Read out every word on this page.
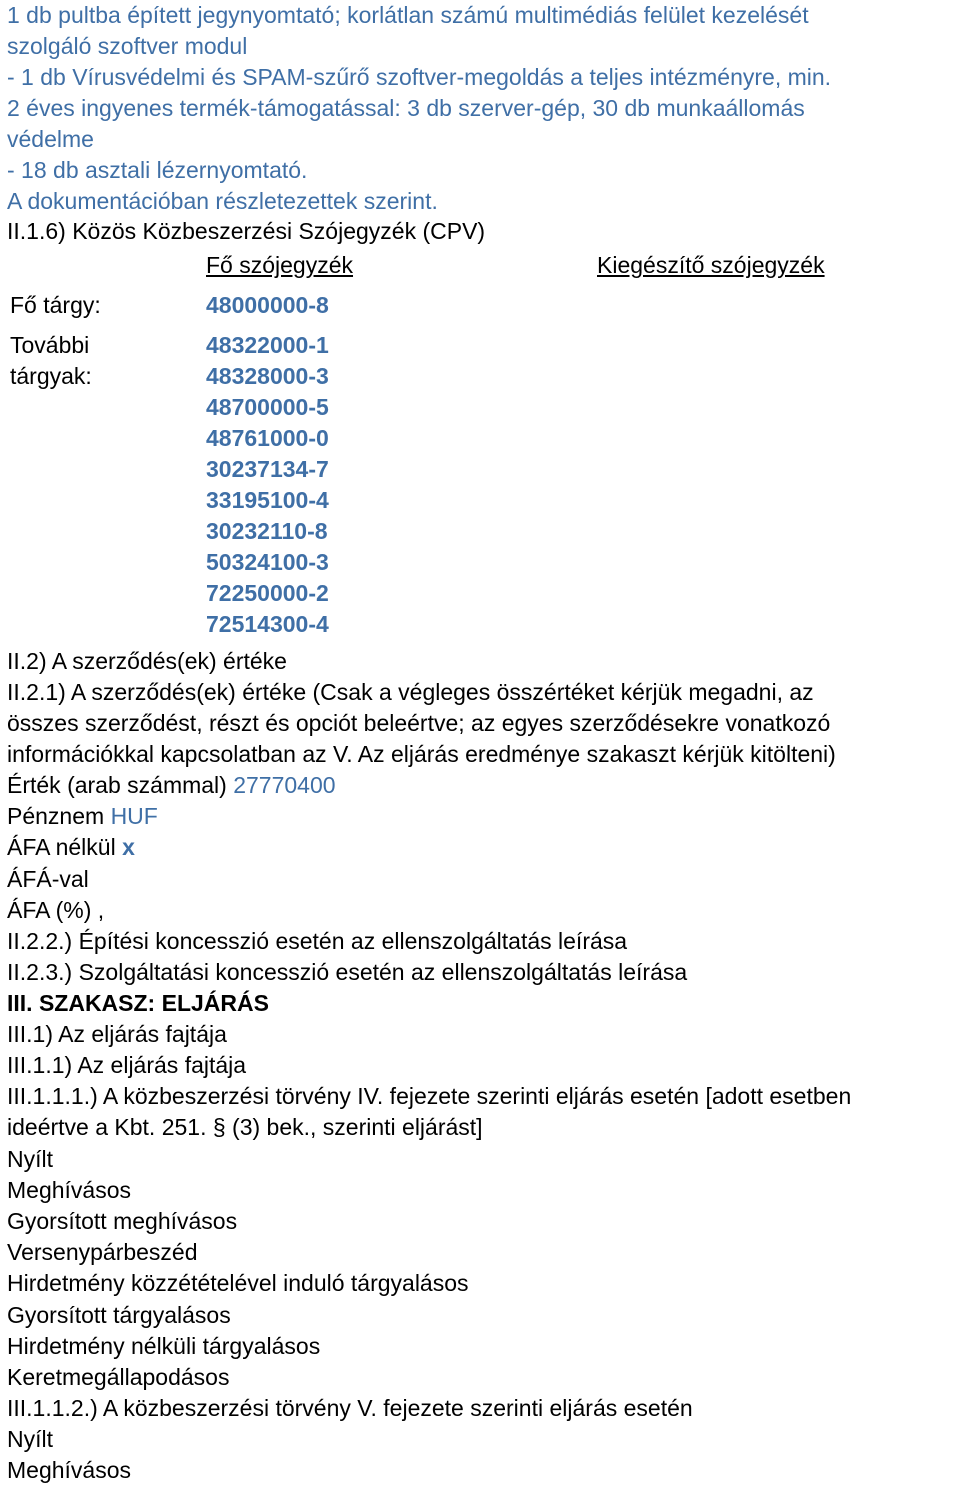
1 db pultba épített jegynyomtató; korlátlan számú multimédiás felület kezelését
szolgáló szoftver modul
- 1 db Vírusvédelmi és SPAM-szűrő szoftver-megoldás a teljes intézményre, min.
2 éves ingyenes termék-támogatással: 3 db szerver-gép, 30 db munkaállomás
védelme
- 18 db asztali lézernyomtató.
A dokumentációban részletezettek szerint.
II.1.6) Közös Közbeszerzési Szójegyzék (CPV)
Fő szójegyzék	Kiegészítő szójegyzék
Fő tárgy:	48000000-8
További
tárgyak:
48322000-1
48328000-3
48700000-5
48761000-0
30237134-7
33195100-4
30232110-8
50324100-3
72250000-2
72514300-4
II.2) A szerződés(ek) értéke
II.2.1) A szerződés(ek) értéke (Csak a végleges összértéket kérjük megadni, az
összes szerződést, részt és opciót beleértve; az egyes szerződésekre vonatkozó
információkkal kapcsolatban az V. Az eljárás eredménye szakaszt kérjük kitölteni)
Érték (arab számmal) 27770400
Pénznem HUF
ÁFA nélkül x
ÁFÁ-val
ÁFA (%) ,
II.2.2.) Építési koncesszió esetén az ellenszolgáltatás leírása
II.2.3.) Szolgáltatási koncesszió esetén az ellenszolgáltatás leírása
III. SZAKASZ: ELJÁRÁS
III.1) Az eljárás fajtája
III.1.1) Az eljárás fajtája
III.1.1.1.) A közbeszerzési törvény IV. fejezete szerinti eljárás esetén [adott esetben
ideértve a Kbt. 251. § (3) bek., szerinti eljárást]
Nyílt
Meghívásos
Gyorsított meghívásos
Versenypárbeszéd
Hirdetmény közzétételével induló tárgyalásos
Gyorsított tárgyalásos
Hirdetmény nélküli tárgyalásos
Keretmegállapodásos
III.1.1.2.) A közbeszerzési törvény V. fejezete szerinti eljárás esetén
Nyílt
Meghívásos
